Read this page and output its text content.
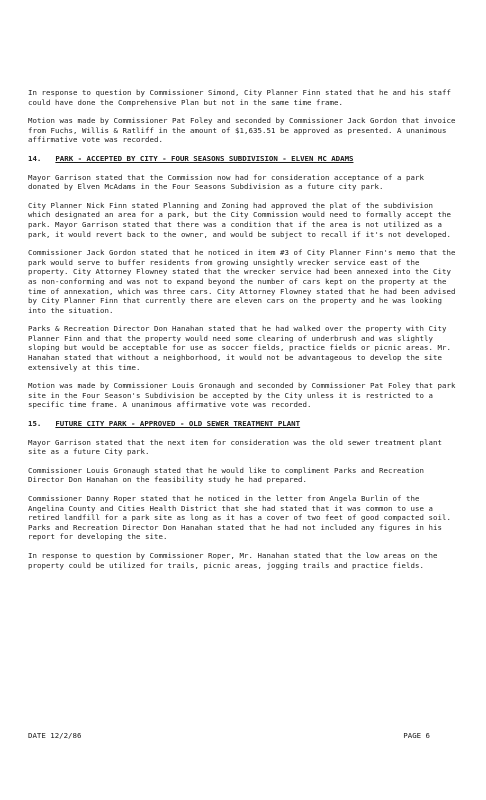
In response to question by Commissioner Simond, City Planner Finn stated that he and his staff could have done the Comprehensive Plan but not in the same time frame.

Motion was made by Commissioner Pat Foley and seconded by Commissioner Jack Gordon that invoice from Fuchs, Willis & Ratliff in the amount of $1,635.51 be approved as presented. A unanimous affirmative vote was recorded.

14. PARK - ACCEPTED BY CITY - FOUR SEASONS SUBDIVISION - ELVEN MC ADAMS

Mayor Garrison stated that the Commission now had for consideration acceptance of a park donated by Elven McAdams in the Four Seasons Subdivision as a future city park.

City Planner Nick Finn stated Planning and Zoning had approved the plat of the subdivision which designated an area for a park, but the City Commission would need to formally accept the park. Mayor Garrison stated that there was a condition that if the area is not utilized as a park, it would revert back to the owner, and would be subject to recall if it's not developed.

Commissioner Jack Gordon stated that he noticed in item #3 of City Planner Finn's memo that the park would serve to buffer residents from growing unsightly wrecker service east of the property. City Attorney Flowney stated that the wrecker service had been annexed into the City as non-conforming and was not to expand beyond the number of cars kept on the property at the time of annexation, which was three cars. City Attorney Flowney stated that he had been advised by City Planner Finn that currently there are eleven cars on the property and he was looking into the situation.

Parks & Recreation Director Don Hanahan stated that he had walked over the property with City Planner Finn and that the property would need some clearing of underbrush and was slightly sloping but would be acceptable for use as soccer fields, practice fields or picnic areas. Mr. Hanahan stated that without a neighborhood, it would not be advantageous to develop the site extensively at this time.

Motion was made by Commissioner Louis Gronaugh and seconded by Commissioner Pat Foley that park site in the Four Season's Subdivision be accepted by the City unless it is restricted to a specific time frame. A unanimous affirmative vote was recorded.

15. FUTURE CITY PARK - APPROVED - OLD SEWER TREATMENT PLANT

Mayor Garrison stated that the next item for consideration was the old sewer treatment plant site as a future City park.

Commissioner Louis Gronaugh stated that he would like to compliment Parks and Recreation Director Don Hanahan on the feasibility study he had prepared.

Commissioner Danny Roper stated that he noticed in the letter from Angela Burlin of the Angelina County and Cities Health District that she had stated that it was common to use a retired landfill for a park site as long as it has a cover of two feet of good compacted soil. Parks and Recreation Director Don Hanahan stated that he had not included any figures in his report for developing the site.

In response to question by Commissioner Roper, Mr. Hanahan stated that the low areas on the property could be utilized for trails, picnic areas, jogging trails and practice fields.

DATE 12/2/86	PAGE 6
